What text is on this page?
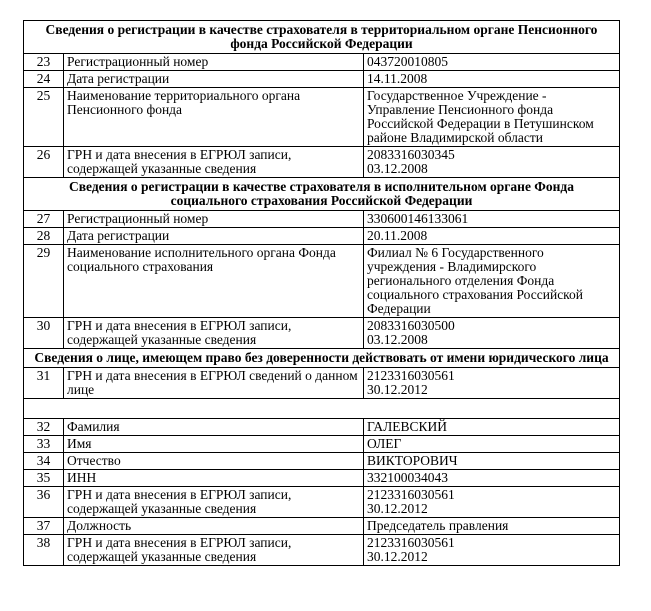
Сведения о регистрации в качестве страхователя в территориальном органе Пенсионного фонда Российской Федерации		
23	Регистрационный номер	043720010805
24	Дата регистрации	14.11.2008
25	Наименование территориального органа Пенсионного фонда	Государственное Учреждение - Управление Пенсионного фонда Российской Федерации в Петушинском районе Владимирской области
26	ГРН и дата внесения в ЕГРЮЛ записи, содержащей указанные сведения	2083316030345
03.12.2008
Сведения о регистрации в качестве страхователя в исполнительном органе Фонда социального страхования Российской Федерации		
27	Регистрационный номер	330600146133061
28	Дата регистрации	20.11.2008
29	Наименование исполнительного органа Фонда социального страхования	Филиал № 6 Государственного учреждения - Владимирского регионального отделения Фонда социального страхования Российской Федерации
30	ГРН и дата внесения в ЕГРЮЛ записи, содержащей указанные сведения	2083316030500
03.12.2008
Сведения о лице, имеющем право без доверенности действовать от имени юридического лица		
31	ГРН и дата внесения в ЕГРЮЛ сведений о данном лице	2123316030561
30.12.2012

32	Фамилия	ГАЛЕВСКИЙ
33	Имя	ОЛЕГ
34	Отчество	ВИКТОРОВИЧ
35	ИНН	332100034043
36	ГРН и дата внесения в ЕГРЮЛ записи, содержащей указанные сведения	2123316030561
30.12.2012
37	Должность	Председатель правления
38	ГРН и дата внесения в ЕГРЮЛ записи, содержащей указанные сведения	2123316030561
30.12.2012
